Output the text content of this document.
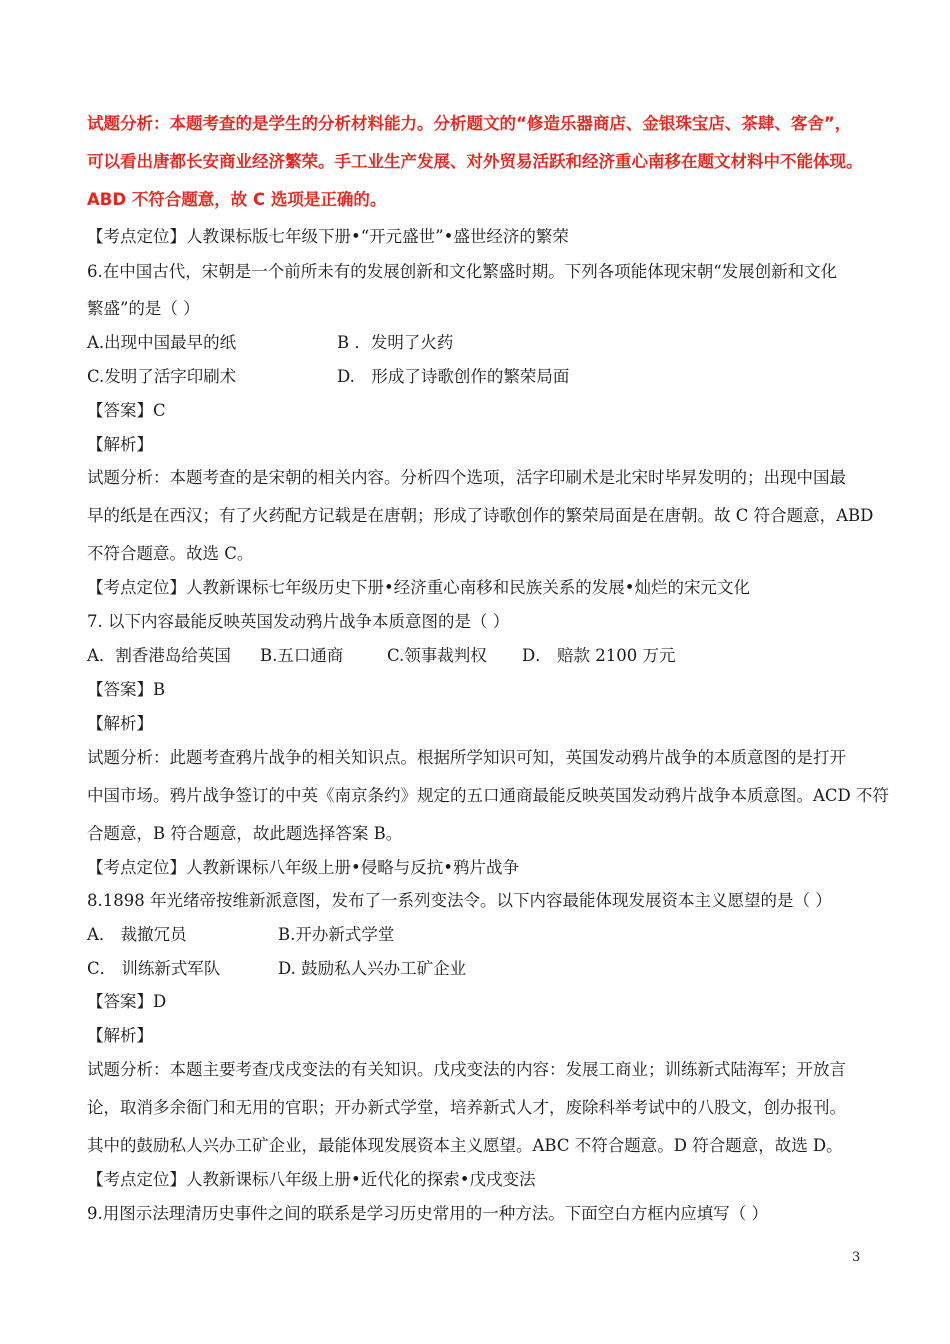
试题分析：本题考查的是学生的分析材料能力。分析题文的“修造乐器商店、金银珠宝店、茶肆、客舍”，
可以看出唐都长安商业经济繁荣。手工业生产发展、对外贸易活跃和经济重心南移在题文材料中不能体现。
ABD 不符合题意，故 C 选项是正确的。
【考点定位】人教课标版七年级下册•“开元盛世”•盛世经济的繁荣
6.在中国古代，宋朝是一个前所未有的发展创新和文化繁盛时期。下列各项能体现宋朝“发展创新和文化
繁盛”的是（ ）
A.出现中国最早的纸	B ．发明了火药
C.发明了活字印刷术	D.　形成了诗歌创作的繁荣局面
【答案】C
【解析】
试题分析：本题考查的是宋朝的相关内容。分析四个选项，活字印刷术是北宋时毕昇发明的；出现中国最
早的纸是在西汉；有了火药配方记载是在唐朝；形成了诗歌创作的繁荣局面是在唐朝。故 C 符合题意，ABD
不符合题意。故选 C。
【考点定位】人教新课标七年级历史下册•经济重心南移和民族关系的发展•灿烂的宋元文化
7. 以下内容最能反映英国发动鸦片战争本质意图的是（ ）
A．割香港岛给英国 B.五口通商	C.领事裁判权 D． 赔款 2100 万元
【答案】B
【解析】
试题分析：此题考查鸦片战争的相关知识点。根据所学知识可知，英国发动鸦片战争的本质意图的是打开
中国市场。鸦片战争签订的中英《南京条约》规定的五口通商最能反映英国发动鸦片战争本质意图。ACD 不符
合题意，B 符合题意，故此题选择答案 B。
【考点定位】人教新课标八年级上册•侵略与反抗•鸦片战争
8.1898 年光绪帝按维新派意图，发布了一系列变法令。以下内容最能体现发展资本主义愿望的是（ ）
A． 裁撤冗员	B.开办新式学堂
C． 训练新式军队	D. 鼓励私人兴办工矿企业
【答案】D
【解析】
试题分析：本题主要考查戊戌变法的有关知识。戊戌变法的内容：发展工商业；训练新式陆海军；开放言
论，取消多余衙门和无用的官职；开办新式学堂，培养新式人才，废除科举考试中的八股文，创办报刊。
其中的鼓励私人兴办工矿企业，最能体现发展资本主义愿望。ABC 不符合题意。D 符合题意，故选 D。
【考点定位】人教新课标八年级上册•近代化的探索•戊戌变法
9.用图示法理清历史事件之间的联系是学习历史常用的一种方法。下面空白方框内应填写（ ）
3
